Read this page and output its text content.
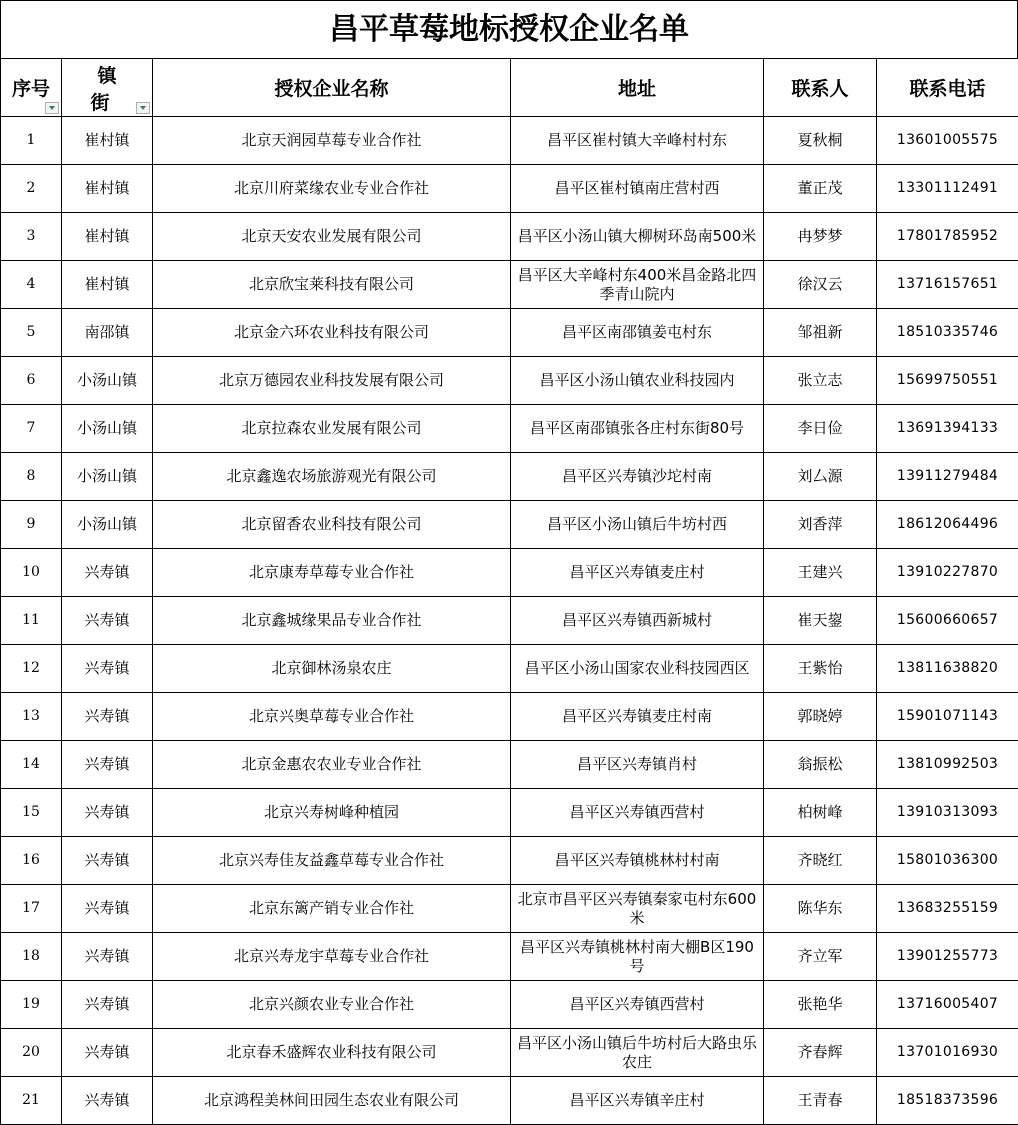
昌平草莓地标授权企业名单
序号	镇 街	授权企业名称	地址	联系人	联系电话
1	崔村镇	北京天润园草莓专业合作社	昌平区崔村镇大辛峰村村东	夏秋桐	13601005575
2	崔村镇	北京川府菜缘农业专业合作社	昌平区崔村镇南庄营村西	董正茂	13301112491
3	崔村镇	北京天安农业发展有限公司	昌平区小汤山镇大柳树环岛南500米	冉梦梦	17801785952
4	崔村镇	北京欣宝莱科技有限公司	昌平区大辛峰村东400米昌金路北四季青山院内	徐汉云	13716157651
5	南邵镇	北京金六环农业科技有限公司	昌平区南邵镇姜屯村东	邹祖新	18510335746
6	小汤山镇	北京万德园农业科技发展有限公司	昌平区小汤山镇农业科技园内	张立志	15699750551
7	小汤山镇	北京拉森农业发展有限公司	昌平区南邵镇张各庄村东街80号	李日俭	13691394133
8	小汤山镇	北京鑫逸农场旅游观光有限公司	昌平区兴寿镇沙坨村南	刘厶源	13911279484
9	小汤山镇	北京留香农业科技有限公司	昌平区小汤山镇后牛坊村西	刘香萍	18612064496
10	兴寿镇	北京康寿草莓专业合作社	昌平区兴寿镇麦庄村	王建兴	13910227870
11	兴寿镇	北京鑫城缘果品专业合作社	昌平区兴寿镇西新城村	崔天鋆	15600660657
12	兴寿镇	北京御林汤泉农庄	昌平区小汤山国家农业科技园西区	王紫怡	13811638820
13	兴寿镇	北京兴奥草莓专业合作社	昌平区兴寿镇麦庄村南	郭晓婷	15901071143
14	兴寿镇	北京金惠农农业专业合作社	昌平区兴寿镇肖村	翁振松	13810992503
15	兴寿镇	北京兴寿树峰种植园	昌平区兴寿镇西营村	柏树峰	13910313093
16	兴寿镇	北京兴寿佳友益鑫草莓专业合作社	昌平区兴寿镇桃林村村南	齐晓红	15801036300
17	兴寿镇	北京东篱产销专业合作社	北京市昌平区兴寿镇秦家屯村东600米	陈华东	13683255159
18	兴寿镇	北京兴寿龙宇草莓专业合作社	昌平区兴寿镇桃林村南大棚B区190号	齐立军	13901255773
19	兴寿镇	北京兴颜农业专业合作社	昌平区兴寿镇西营村	张艳华	13716005407
20	兴寿镇	北京春禾盛辉农业科技有限公司	昌平区小汤山镇后牛坊村后大路虫乐农庄	齐春辉	13701016930
21	兴寿镇	北京鸿程美林间田园生态农业有限公司	昌平区兴寿镇辛庄村	王青春	18518373596
